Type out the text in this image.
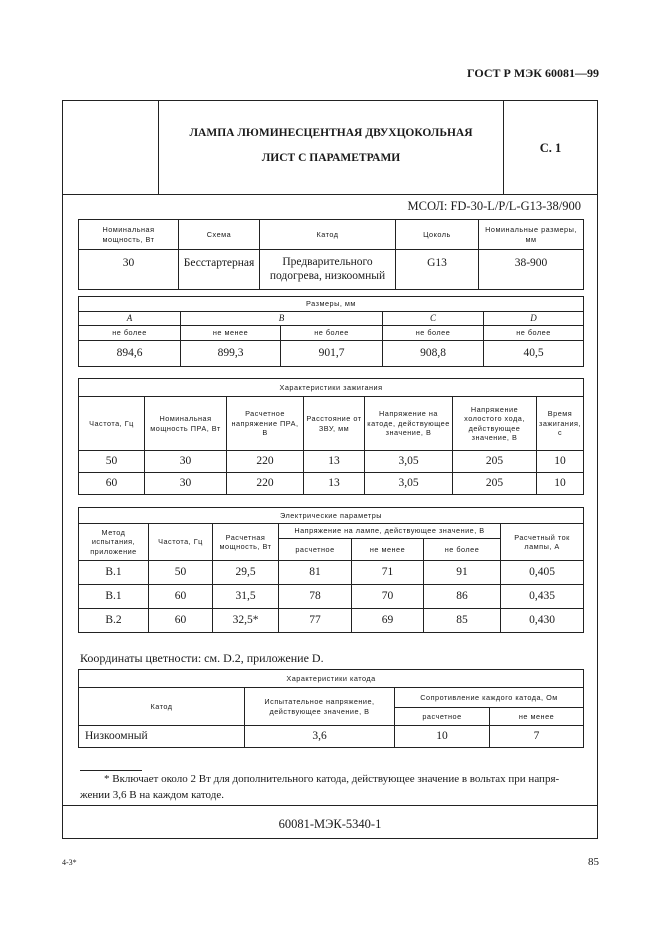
ГОСТ Р МЭК 60081—99
ЛАМПА ЛЮМИНЕСЦЕНТНАЯ ДВУХЦОКОЛЬНАЯ
ЛИСТ С ПАРАМЕТРАМИ
С. 1
МСОЛ: FD-30-L/P/L-G13-38/900
Номинальная мощность, Вт	Схема	Катод	Цоколь	Номинальные размеры, мм
30	Бесстартерная	Предварительного подогрева, низкоомный	G13	38-900
Размеры, мм				
A	B		C	D
не более	не менее	не более	не более	не более
894,6	899,3	901,7	908,8	40,5
Характеристики зажигания						
Частота, Гц	Номинальная мощность ПРА, Вт	Расчетное напряжение ПРА, В	Расстояние от ЗВУ, мм	Напряжение на катоде, действующее значение, В	Напряжение холостого хода, действующее значение, В	Время зажигания, с
50	30	220	13	3,05	205	10
60	30	220	13	3,05	205	10
Электрические параметры						
Метод испытания, приложение	Частота, Гц	Расчетная мощность, Вт	Напряжение на лампе, действующее значение, В			Расчетный ток лампы, А
			расчетное	не менее	не более	
B.1	50	29,5	81	71	91	0,405
B.1	60	31,5	78	70	86	0,435
B.2	60	32,5*	77	69	85	0,430
Координаты цветности: см. D.2, приложение D.
Характеристики катода			
Катод	Испытательное напряжение, действующее значение, В	Сопротивление каждого катода, Ом	
		расчетное	не менее
Низкоомный	3,6	10	7
* Включает около 2 Вт для дополнительного катода, действующее значение в вольтах при напря-
жении 3,6 В на каждом катоде.
60081-МЭК-5340-1
4-3*	85
